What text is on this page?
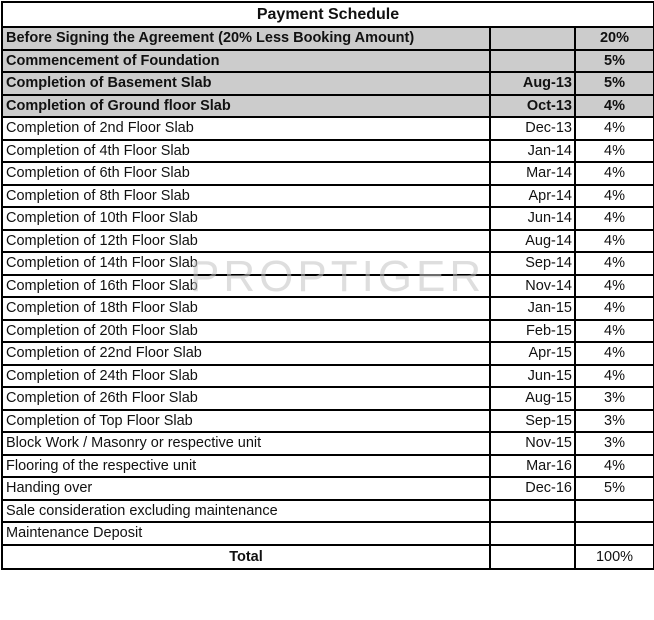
Payment Schedule		
Before Signing the Agreement (20% Less Booking Amount)		20%
Commencement of Foundation		5%
Completion of Basement Slab	Aug-13	5%
Completion of Ground floor Slab	Oct-13	4%
Completion of 2nd Floor Slab	Dec-13	4%
Completion of 4th Floor Slab	Jan-14	4%
Completion of 6th Floor Slab	Mar-14	4%
Completion of 8th Floor Slab	Apr-14	4%
Completion of 10th Floor Slab	Jun-14	4%
Completion of 12th Floor Slab	Aug-14	4%
Completion of 14th Floor Slab	Sep-14	4%
Completion of 16th Floor Slab	Nov-14	4%
Completion of 18th Floor Slab	Jan-15	4%
Completion of 20th Floor Slab	Feb-15	4%
Completion of 22nd Floor Slab	Apr-15	4%
Completion of 24th Floor Slab	Jun-15	4%
Completion of 26th Floor Slab	Aug-15	3%
Completion of Top Floor Slab	Sep-15	3%
Block Work / Masonry or respective unit	Nov-15	3%
Flooring of the respective unit	Mar-16	4%
Handing over	Dec-16	5%
Sale consideration excluding maintenance		
Maintenance Deposit		
Total		100%
PROPTIGER
